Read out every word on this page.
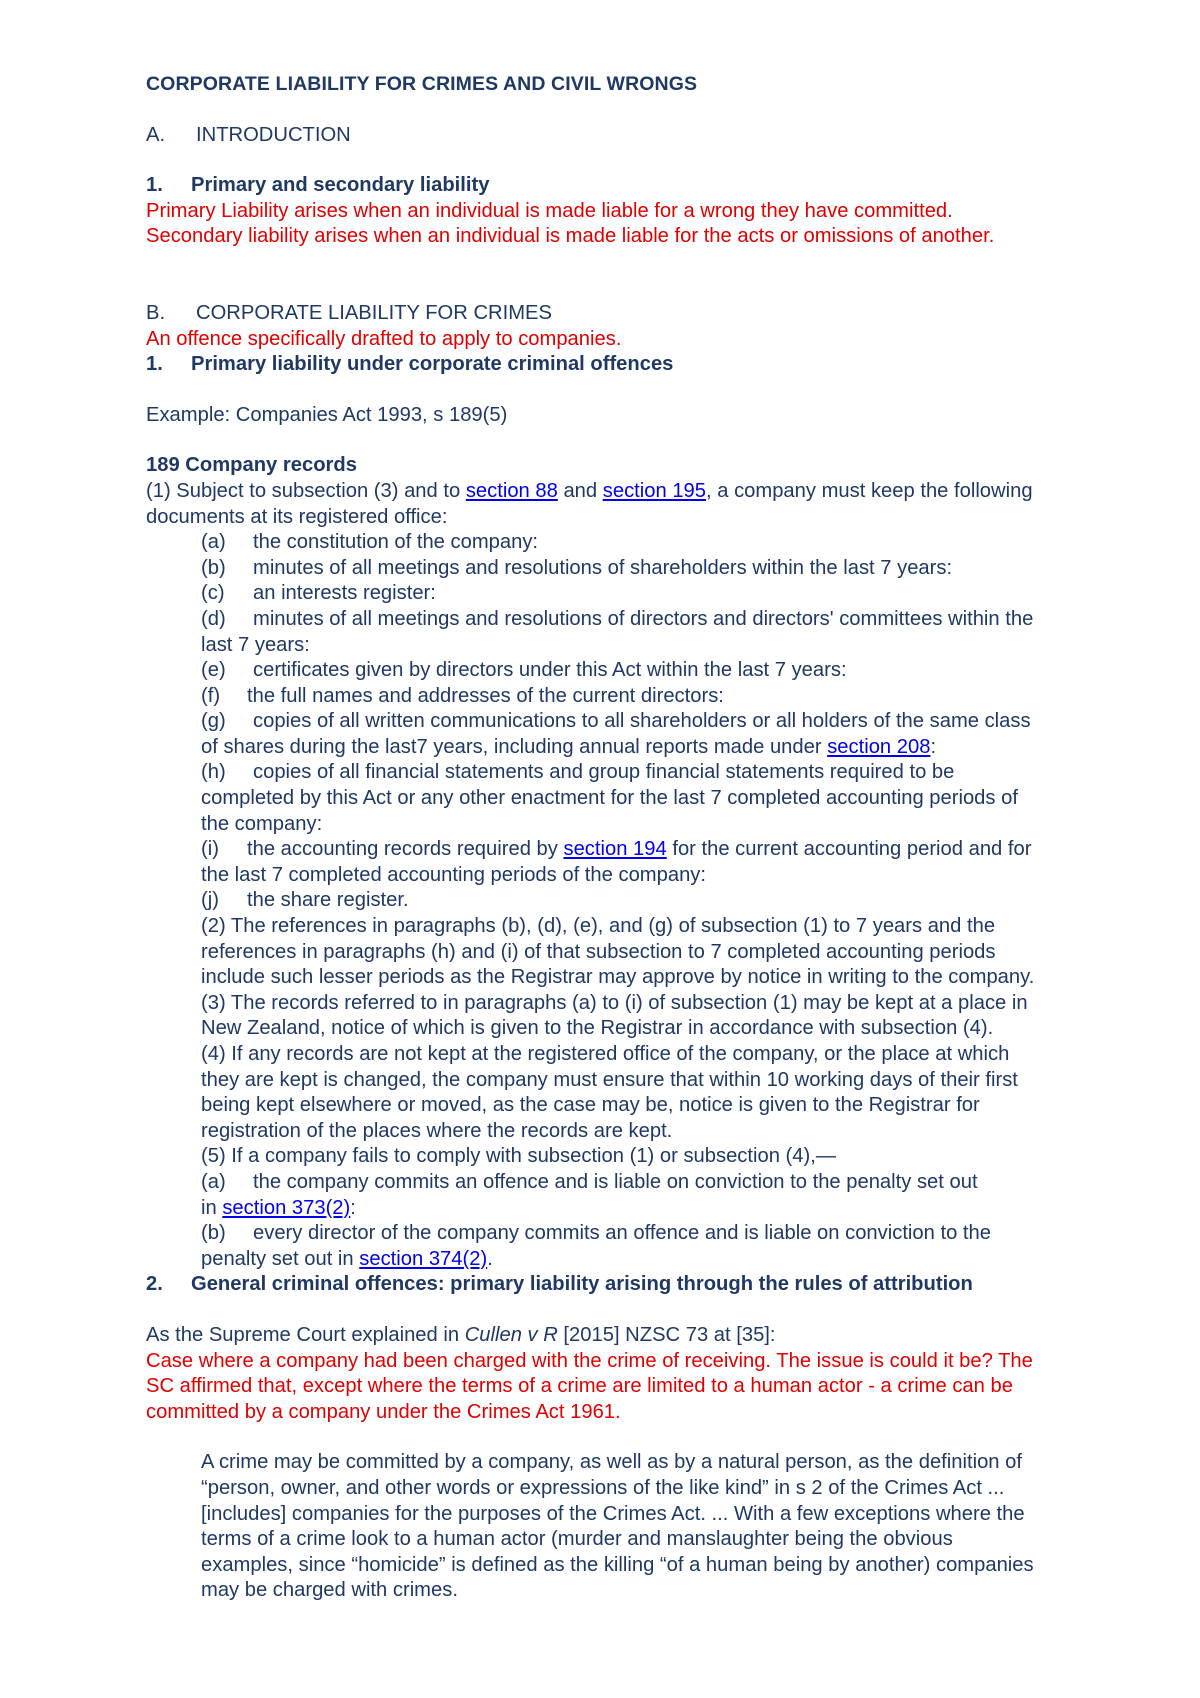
CORPORATE LIABILITY FOR CRIMES AND CIVIL WRONGS

A. INTRODUCTION

1. Primary and secondary liability

Primary Liability arises when an individual is made liable for a wrong they have committed.

Secondary liability arises when an individual is made liable for the acts or omissions of another.

B. CORPORATE LIABILITY FOR CRIMES

An offence specifically drafted to apply to companies.

1. Primary liability under corporate criminal offences

Example: Companies Act 1993, s 189(5)

189 Company records

(1) Subject to subsection (3) and to section 88 and section 195, a company must keep the following

documents at its registered office:

(a) the constitution of the company:

(b) minutes of all meetings and resolutions of shareholders within the last 7 years:

(c) an interests register:

(d) minutes of all meetings and resolutions of directors and directors' committees within the

last 7 years:

(e) certificates given by directors under this Act within the last 7 years:

(f) the full names and addresses of the current directors:

(g) copies of all written communications to all shareholders or all holders of the same class

of shares during the last7 years, including annual reports made under section 208:

(h) copies of all financial statements and group financial statements required to be

completed by this Act or any other enactment for the last 7 completed accounting periods of

the company:

(i) the accounting records required by section 194 for the current accounting period and for

the last 7 completed accounting periods of the company:

(j) the share register.

(2) The references in paragraphs (b), (d), (e), and (g) of subsection (1) to 7 years and the

references in paragraphs (h) and (i) of that subsection to 7 completed accounting periods

include such lesser periods as the Registrar may approve by notice in writing to the company.

(3) The records referred to in paragraphs (a) to (i) of subsection (1) may be kept at a place in

New Zealand, notice of which is given to the Registrar in accordance with subsection (4).

(4) If any records are not kept at the registered office of the company, or the place at which

they are kept is changed, the company must ensure that within 10 working days of their first

being kept elsewhere or moved, as the case may be, notice is given to the Registrar for

registration of the places where the records are kept.

(5) If a company fails to comply with subsection (1) or subsection (4),—

(a) the company commits an offence and is liable on conviction to the penalty set out

in section 373(2):

(b) every director of the company commits an offence and is liable on conviction to the

penalty set out in section 374(2).

2. General criminal offences: primary liability arising through the rules of attribution

As the Supreme Court explained in Cullen v R [2015] NZSC 73 at [35]:

Case where a company had been charged with the crime of receiving. The issue is could it be? The

SC affirmed that, except where the terms of a crime are limited to a human actor - a crime can be

committed by a company under the Crimes Act 1961.

A crime may be committed by a company, as well as by a natural person, as the definition of

“person, owner, and other words or expressions of the like kind” in s 2 of the Crimes Act ...

[includes] companies for the purposes of the Crimes Act. ... With a few exceptions where the

terms of a crime look to a human actor (murder and manslaughter being the obvious

examples, since “homicide” is defined as the killing “of a human being by another) companies

may be charged with crimes.
